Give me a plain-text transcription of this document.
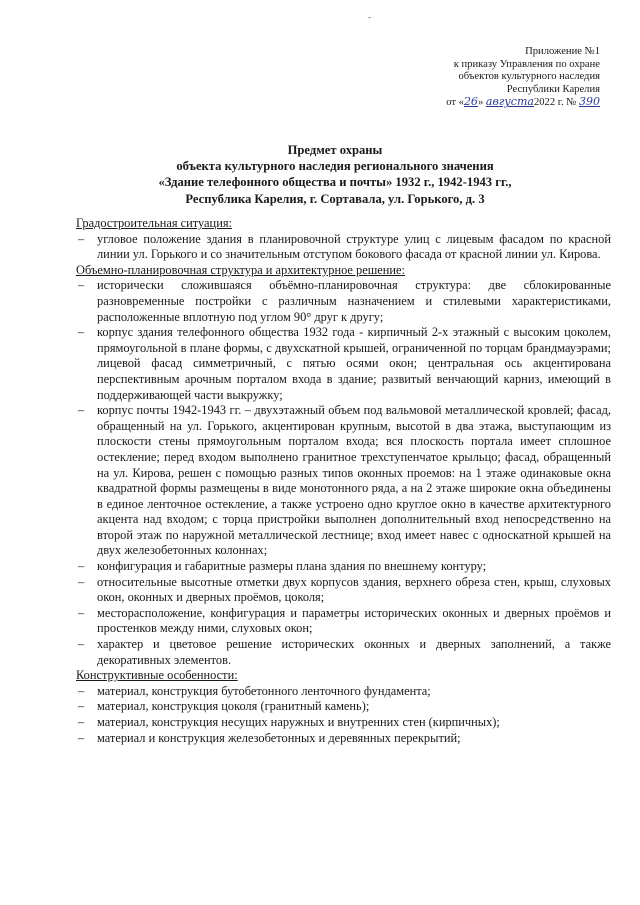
-
Приложение №1
к приказу Управления по охране
объектов культурного наследия
Республики Карелия
от «26» августа2022 г. № 390
Предмет охраны
объекта культурного наследия регионального значения
«Здание телефонного общества и почты» 1932 г., 1942-1943 гг.,
Республика Карелия, г. Сортавала, ул. Горького, д. 3

Градостроительная ситуация:

– угловое положение здания в планировочной структуре улиц с лицевым фасадом по красной линии ул. Горького и со значительным отступом бокового фасада от красной линии ул. Кирова.

Объемно-планировочная структура и архитектурное решение:

– исторически сложившаяся объёмно-планировочная структура: две сблокированные разновременные постройки с различным назначением и стилевыми характеристиками, расположенные вплотную под углом 90° друг к другу;

– корпус здания телефонного общества 1932 года - кирпичный 2-х этажный с высоким цоколем, прямоугольной в плане формы, с двухскатной крышей, ограниченной по торцам брандмауэрами; лицевой фасад симметричный, с пятью осями окон; центральная ось акцентирована перспективным арочным порталом входа в здание; развитый венчающий карниз, имеющий в поддерживающей части выкружку;

– корпус почты 1942-1943 гг. – двухэтажный объем под вальмовой металлической кровлей; фасад, обращенный на ул. Горького, акцентирован крупным, высотой в два этажа, выступающим из плоскости стены прямоугольным порталом входа; вся плоскость портала имеет сплошное остекление; перед входом выполнено гранитное трехступенчатое крыльцо; фасад, обращенный на ул. Кирова, решен с помощью разных типов оконных проемов: на 1 этаже одинаковые окна квадратной формы размещены в виде монотонного ряда, а на 2 этаже широкие окна объединены в единое ленточное остекление, а также устроено одно круглое окно в качестве архитектурного акцента над входом; с торца пристройки выполнен дополнительный вход непосредственно на второй этаж по наружной металлической лестнице; вход имеет навес с односкатной крышей на двух железобетонных колоннах;

– конфигурация и габаритные размеры плана здания по внешнему контуру;

– относительные высотные отметки двух корпусов здания, верхнего обреза стен, крыш, слуховых окон, оконных и дверных проёмов, цоколя;

– месторасположение, конфигурация и параметры исторических оконных и дверных проёмов и простенков между ними, слуховых окон;

– характер и цветовое решение исторических оконных и дверных заполнений, а также декоративных элементов.

Конструктивные особенности:

– материал, конструкция бутобетонного ленточного фундамента;

– материал, конструкция цоколя (гранитный камень);

– материал, конструкция несущих наружных и внутренних стен (кирпичных);

– материал и конструкция железобетонных и деревянных перекрытий;
